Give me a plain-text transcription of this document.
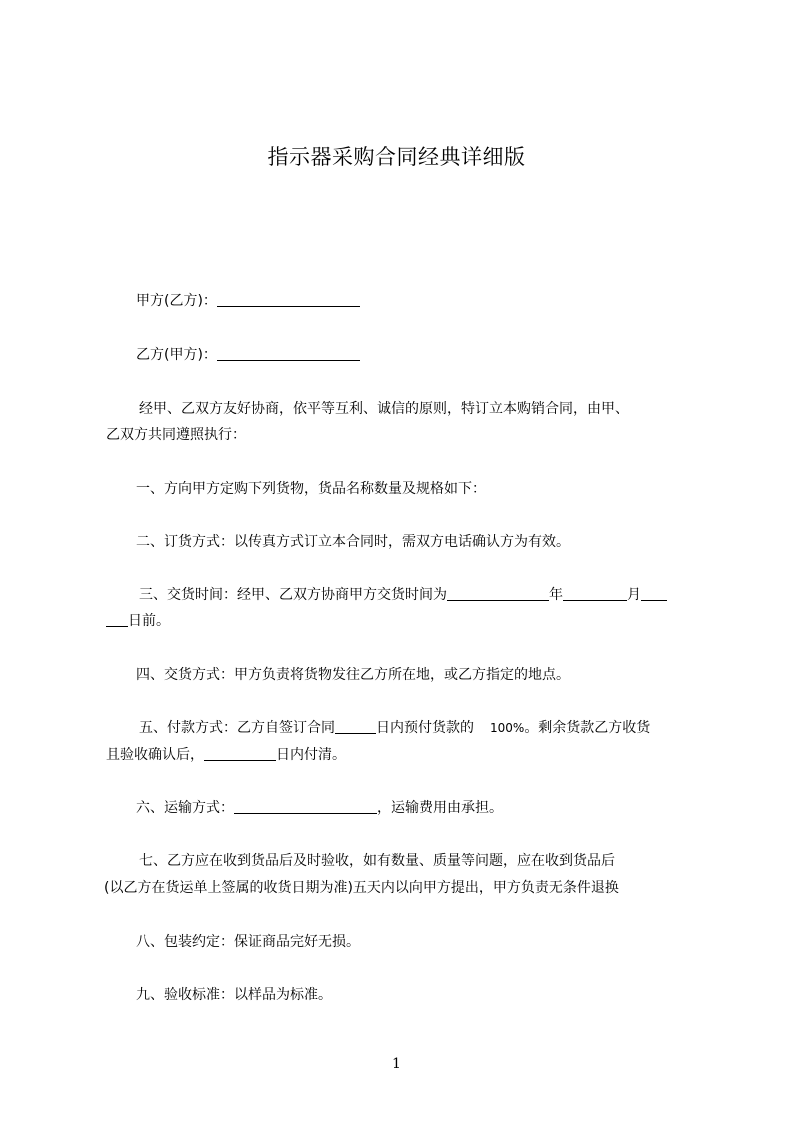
指示器采购合同经典详细版
甲方(乙方)：
乙方(甲方)：
经甲、乙双方友好协商，依平等互利、诚信的原则，特订立本购销合同，由甲、
乙双方共同遵照执行：
一、方向甲方定购下列货物，货品名称数量及规格如下：
二、订货方式：以传真方式订立本合同时，需双方电话确认方为有效。
三、交货时间：经甲、乙双方协商甲方交货时间为	年	月
日前。
四、交货方式：甲方负责将货物发往乙方所在地，或乙方指定的地点。
五、付款方式：乙方自签订合同	日内预付货款的 100%。剩余货款乙方收货
且验收确认后，	日内付清。
六、运输方式：	，运输费用由承担。
七、乙方应在收到货品后及时验收，如有数量、质量等问题，应在收到货品后
(以乙方在货运单上签属的收货日期为准)五天内以向甲方提出，甲方负责无条件退换
八、包装约定：保证商品完好无损。
九、验收标准：以样品为标准。
1
